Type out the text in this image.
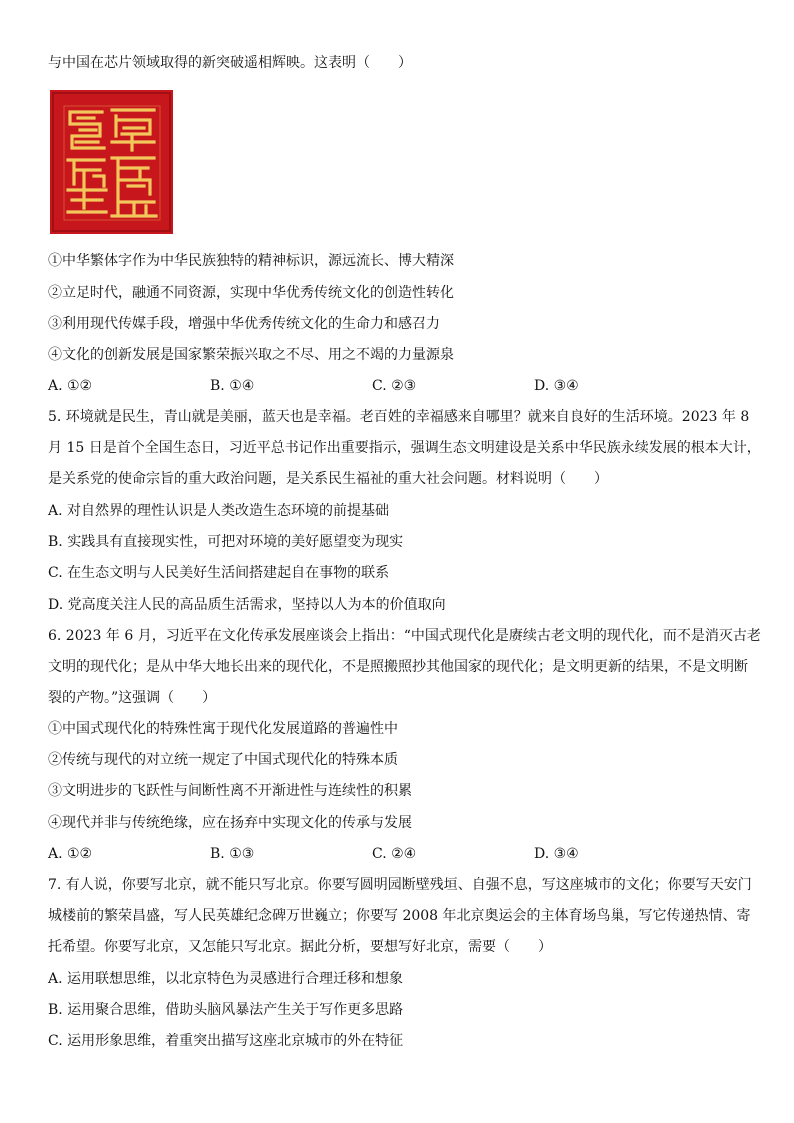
与中国在芯片领域取得的新突破遥相辉映。这表明（　　）
①中华繁体字作为中华民族独特的精神标识，源远流长、博大精深
②立足时代，融通不同资源，实现中华优秀传统文化的创造性转化
③利用现代传媒手段，增强中华优秀传统文化的生命力和感召力
④文化的创新发展是国家繁荣振兴取之不尽、用之不竭的力量源泉
A. ①②	B. ①④	C. ②③	D. ③④
5. 环境就是民生，青山就是美丽，蓝天也是幸福。老百姓的幸福感来自哪里？就来自良好的生活环境。2023 年 8
月 15 日是首个全国生态日，习近平总书记作出重要指示，强调生态文明建设是关系中华民族永续发展的根本大计，
是关系党的使命宗旨的重大政治问题，是关系民生福祉的重大社会问题。材料说明（　　）
A. 对自然界的理性认识是人类改造生态环境的前提基础
B. 实践具有直接现实性，可把对环境的美好愿望变为现实
C. 在生态文明与人民美好生活间搭建起自在事物的联系
D. 党高度关注人民的高品质生活需求，坚持以人为本的价值取向
6. 2023 年 6 月，习近平在文化传承发展座谈会上指出：“中国式现代化是赓续古老文明的现代化，而不是消灭古老
文明的现代化；是从中华大地长出来的现代化，不是照搬照抄其他国家的现代化；是文明更新的结果，不是文明断
裂的产物。”这强调（　　）
①中国式现代化的特殊性寓于现代化发展道路的普遍性中
②传统与现代的对立统一规定了中国式现代化的特殊本质
③文明进步的飞跃性与间断性离不开渐进性与连续性的积累
④现代并非与传统绝缘，应在扬弃中实现文化的传承与发展
A. ①②	B. ①③	C. ②④	D. ③④
7. 有人说，你要写北京，就不能只写北京。你要写圆明园断壁残垣、自强不息，写这座城市的文化；你要写天安门
城楼前的繁荣昌盛，写人民英雄纪念碑万世巍立；你要写 2008 年北京奥运会的主体育场鸟巢，写它传递热情、寄
托希望。你要写北京，又怎能只写北京。据此分析，要想写好北京，需要（　　）
A. 运用联想思维，以北京特色为灵感进行合理迁移和想象
B. 运用聚合思维，借助头脑风暴法产生关于写作更多思路
C. 运用形象思维，着重突出描写这座北京城市的外在特征
